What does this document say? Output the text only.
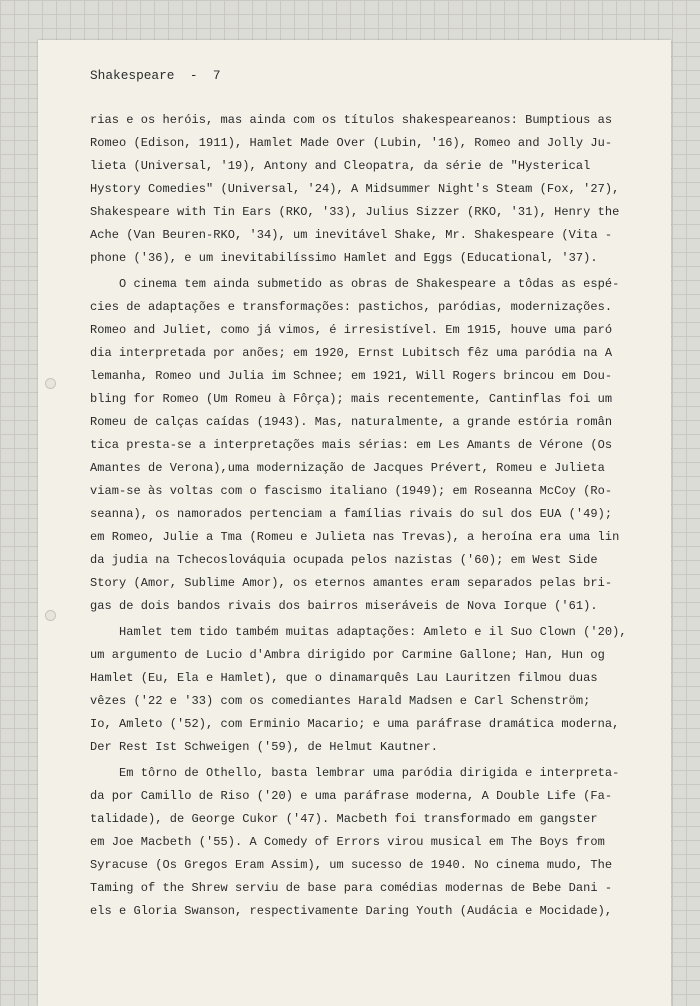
Shakespeare  -  7
rias e os heróis, mas ainda com os títulos shakespeareanos: Bumptious as
Romeo (Edison, 1911), Hamlet Made Over (Lubin, '16), Romeo and Jolly Ju-
lieta (Universal, '19), Antony and Cleopatra, da série de "Hysterical
Hystory Comedies" (Universal, '24), A Midsummer Night's Steam (Fox, '27),
Shakespeare with Tin Ears (RKO, '33), Julius Sizzer (RKO, '31), Henry the
Ache (Van Beuren-RKO, '34), um inevitável Shake, Mr. Shakespeare (Vita -
phone ('36), e um inevitabilíssimo Hamlet and Eggs (Educational, '37).
O cinema tem ainda submetido as obras de Shakespeare a tôdas as espé-
cies de adaptações e transformações: pastichos, paródias, modernizações.
Romeo and Juliet, como já vimos, é irresistível. Em 1915, houve uma paró
dia interpretada por anões; em 1920, Ernst Lubitsch fêz uma paródia na A
lemanha, Romeo und Julia im Schnee; em 1921, Will Rogers brincou em Dou-
bling for Romeo (Um Romeu à Fôrça); mais recentemente, Cantinflas foi um
Romeu de calças caídas (1943). Mas, naturalmente, a grande estória român
tica presta-se a interpretações mais sérias: em Les Amants de Vérone (Os
Amantes de Verona),uma modernização de Jacques Prévert, Romeu e Julieta
viam-se às voltas com o fascismo italiano (1949); em Roseanna McCoy (Ro-
seanna), os namorados pertenciam a famílias rivais do sul dos EUA ('49);
em Romeo, Julie a Tma (Romeu e Julieta nas Trevas), a heroína era uma lin
da judia na Tchecoslováquia ocupada pelos nazistas ('60); em West Side
Story (Amor, Sublime Amor), os eternos amantes eram separados pelas bri-
gas de dois bandos rivais dos bairros miseráveis de Nova Iorque ('61).
Hamlet tem tido também muitas adaptações: Amleto e il Suo Clown ('20),
um argumento de Lucio d'Ambra dirigido por Carmine Gallone; Han, Hun og
Hamlet (Eu, Ela e Hamlet), que o dinamarquês Lau Lauritzen filmou duas
vêzes ('22 e '33) com os comediantes Harald Madsen e Carl Schenström;
Io, Amleto ('52), com Erminio Macario; e uma paráfrase dramática moderna,
Der Rest Ist Schweigen ('59), de Helmut Kautner.
Em tôrno de Othello, basta lembrar uma paródia dirigida e interpreta-
da por Camillo de Riso ('20) e uma paráfrase moderna, A Double Life (Fa-
talidade), de George Cukor ('47). Macbeth foi transformado em gangster
em Joe Macbeth ('55). A Comedy of Errors virou musical em The Boys from
Syracuse (Os Gregos Eram Assim), um sucesso de 1940. No cinema mudo, The
Taming of the Shrew serviu de base para comédias modernas de Bebe Dani -
els e Gloria Swanson, respectivamente Daring Youth (Audácia e Mocidade),
